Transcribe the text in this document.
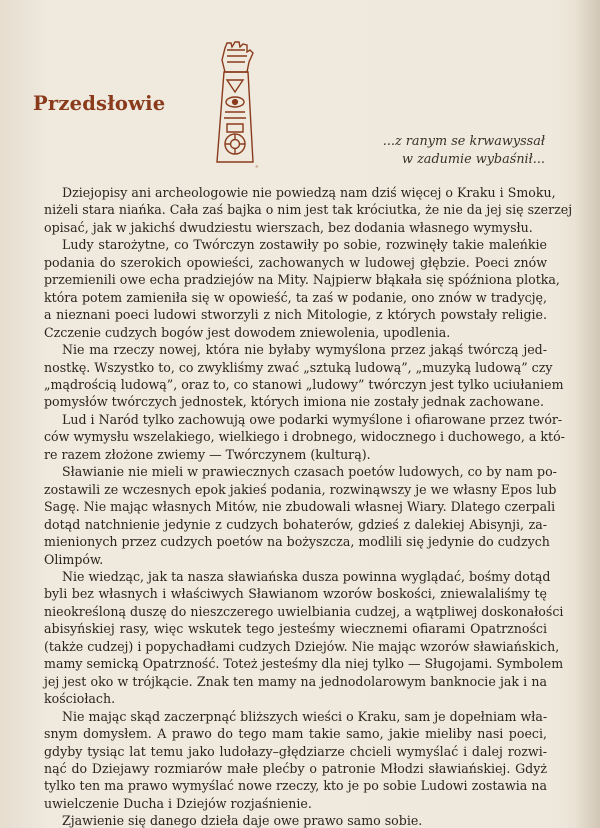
☼
Przedsłowie
...z ranym se krwawyssał
w zadumie wybaśnił...
Dziejopisy ani archeologowie nie powiedzą nam dziś więcej o Kraku i Smoku,
niżeli stara niańka. Cała zaś bajka o nim jest tak króciutka, że nie da jej się szerzej
opisać, jak w jakichś dwudziestu wierszach, bez dodania własnego wymysłu.
Ludy starożytne, co Twórczyn zostawiły po sobie, rozwinęły takie maleńkie
podania do szerokich opowieści, zachowanych w ludowej głębzie. Poeci znów
przemienili owe echa pradziejów na Mity. Najpierw błąkała się spóźniona plotka,
która potem zamieniła się w opowieść, ta zaś w podanie, ono znów w tradycję,
a nieznani poeci ludowi stworzyli z nich Mitologie, z których powstały religie.
Czczenie cudzych bogów jest dowodem zniewolenia, upodlenia.
Nie ma rzeczy nowej, która nie byłaby wymyślona przez jakąś twórczą jed-
nostkę. Wszystko to, co zwykliśmy zwać „sztuką ludową”, „muzyką ludową” czy
„mądrością ludową”, oraz to, co stanowi „ludowy” twórczyn jest tylko uciułaniem
pomysłów twórczych jednostek, których imiona nie zostały jednak zachowane.
Lud i Naród tylko zachowują owe podarki wymyślone i ofiarowane przez twór-
ców wymysłu wszelakiego, wielkiego i drobnego, widocznego i duchowego, a któ-
re razem złożone zwiemy — Twórczynem (kulturą).
Sławianie nie mieli w prawiecznych czasach poetów ludowych, co by nam po-
zostawili ze wczesnych epok jakieś podania, rozwinąwszy je we własny Epos lub
Sagę. Nie mając własnych Mitów, nie zbudowali własnej Wiary. Dlatego czerpali
dotąd natchnienie jedynie z cudzych bohaterów, gdzieś z dalekiej Abisynji, za-
mienionych przez cudzych poetów na bożyszcza, modlili się jedynie do cudzych
Olimpów.
Nie wiedząc, jak ta nasza sławiańska dusza powinna wyglądać, bośmy dotąd
byli bez własnych i właściwych Sławianom wzorów boskości, zniewalaliśmy tę
nieokreśloną duszę do nieszczerego uwielbiania cudzej, a wątpliwej doskonałości
abisyńskiej rasy, więc wskutek tego jesteśmy wiecznemi ofiarami Opatrzności
(także cudzej) i popychadłami cudzych Dziejów. Nie mając wzorów sławiańskich,
mamy semicką Opatrzność. Toteż jesteśmy dla niej tylko — Sługojami. Symbolem
jej jest oko w trójkącie. Znak ten mamy na jednodolarowym banknocie jak i na
kościołach.
Nie mając skąd zaczerpnąć bliższych wieści o Kraku, sam je dopełniam wła-
snym domysłem. A prawo do tego mam takie samo, jakie mieliby nasi poeci,
gdyby tysiąc lat temu jako ludołazy–głędziarze chcieli wymyślać i dalej rozwi-
nąć do Dziejawy rozmiarów małe plećby o patronie Młodzi sławiańskiej. Gdyż
tylko ten ma prawo wymyślać nowe rzeczy, kto je po sobie Ludowi zostawia na
uwielczenie Ducha i Dziejów rozjaśnienie.
Zjawienie się danego dzieła daje owe prawo samo sobie.
